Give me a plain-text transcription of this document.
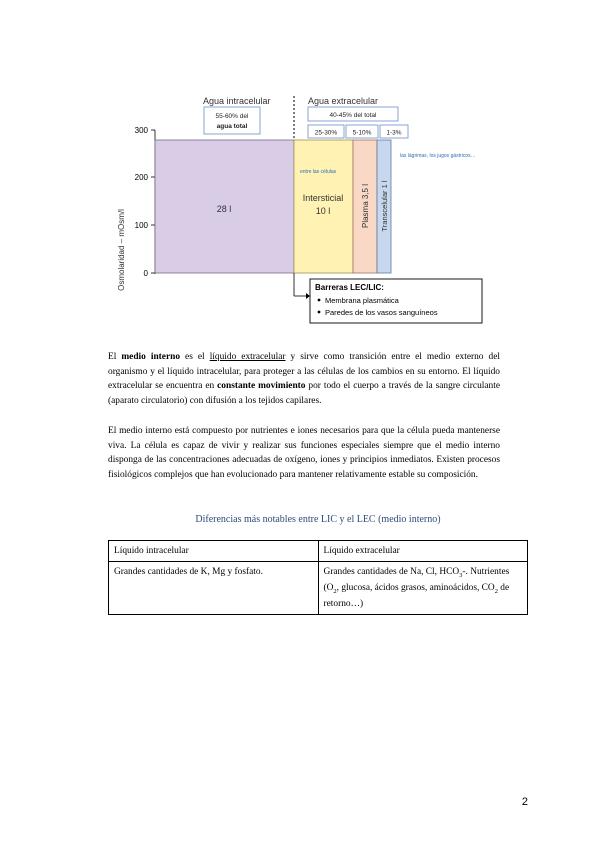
Agua intracelular	Agua extracelular
55-60% del
agua total
40-45% del total
25-30% 5-10% 1-3%
Osmolaridad – mOsm/l
300
200
100
0
28 l
entre las células
Intersticial
10 l	Plasma 3,5 l Transcelular 1 l
las lágrimas, los jugos gástricos…
Barreras LEC/LIC:
Membrana plasmática
Paredes de los vasos sanguíneos
El medio interno es el líquido extracelular y sirve como transición entre el medio externo del organismo y el líquido intracelular, para proteger a las células de los cambios en su entorno. El líquido extracelular se encuentra en constante movimiento por todo el cuerpo a través de la sangre circulante (aparato circulatorio) con difusión a los tejidos capilares.
El medio interno está compuesto por nutrientes e iones necesarios para que la célula pueda mantenerse viva. La célula es capaz de vivir y realizar sus funciones especiales siempre que el medio interno disponga de las concentraciones adecuadas de oxígeno, iones y principios inmediatos. Existen procesos fisiológicos complejos que han evolucionado para mantener relativamente estable su composición.
Diferencias más notables entre LIC y el LEC (medio interno)
Líquido intracelular	Líquido extracelular
Grandes cantidades de K, Mg y fosfato.	Grandes cantidades de Na, Cl, $HCO_3-$. Nutrientes ($O_2$, glucosa, ácidos grasos, aminoácidos, $CO_2$ de retorno…)
2
